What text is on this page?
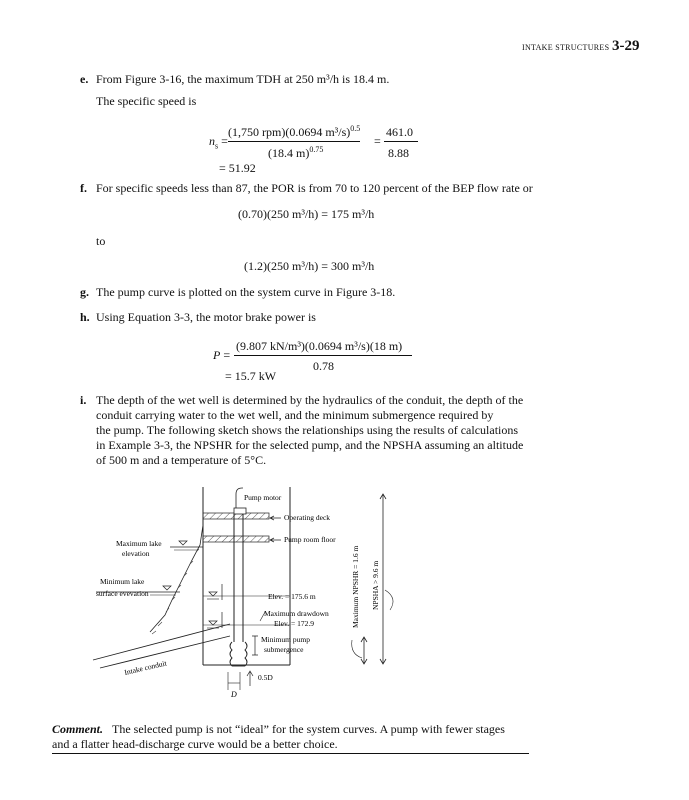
INTAKE STRUCTURES 3-29
e. From Figure 3-16, the maximum TDH at 250 m³/h is 18.4 m.
The specific speed is
$n_s$ =
(1,750 rpm)(0.0694 m³/s)$^{0.5}$
(18.4 m)$^{0.75}$
=
461.0
8.88
= 51.92
f. For specific speeds less than 87, the POR is from 70 to 120 percent of the BEP flow rate or
(0.70)(250 m³/h) = 175 m³/h
to
(1.2)(250 m³/h) = 300 m³/h
g. The pump curve is plotted on the system curve in Figure 3-18.
h. Using Equation 3-3, the motor brake power is
P =
(9.807 kN/m³)(0.0694 m³/s)(18 m)
0.78
= 15.7 kW
i. The depth of the wet well is determined by the hydraulics of the conduit, the depth of the
conduit carrying water to the wet well, and the minimum submergence required by
the pump. The following sketch shows the relationships using the results of calculations
in Example 3-3, the NPSHR for the selected pump, and the NPSHA assuming an altitude
of 500 m and a temperature of 5°C.
Pump motor
Operating deck
Pump room floor
Maximum lake
elevation
Minimum lake
surface evevation	Elev. = 175.6 m
Maximum drawdown
Elev. = 172.9
Minimum pump
submergence
0.5D
D
Intake conduit
Maximum NPSHR = 1.6 m NPSHA > 9.6 m
Comment. The selected pump is not “ideal” for the system curves. A pump with fewer stages
and a flatter head-discharge curve would be a better choice.
